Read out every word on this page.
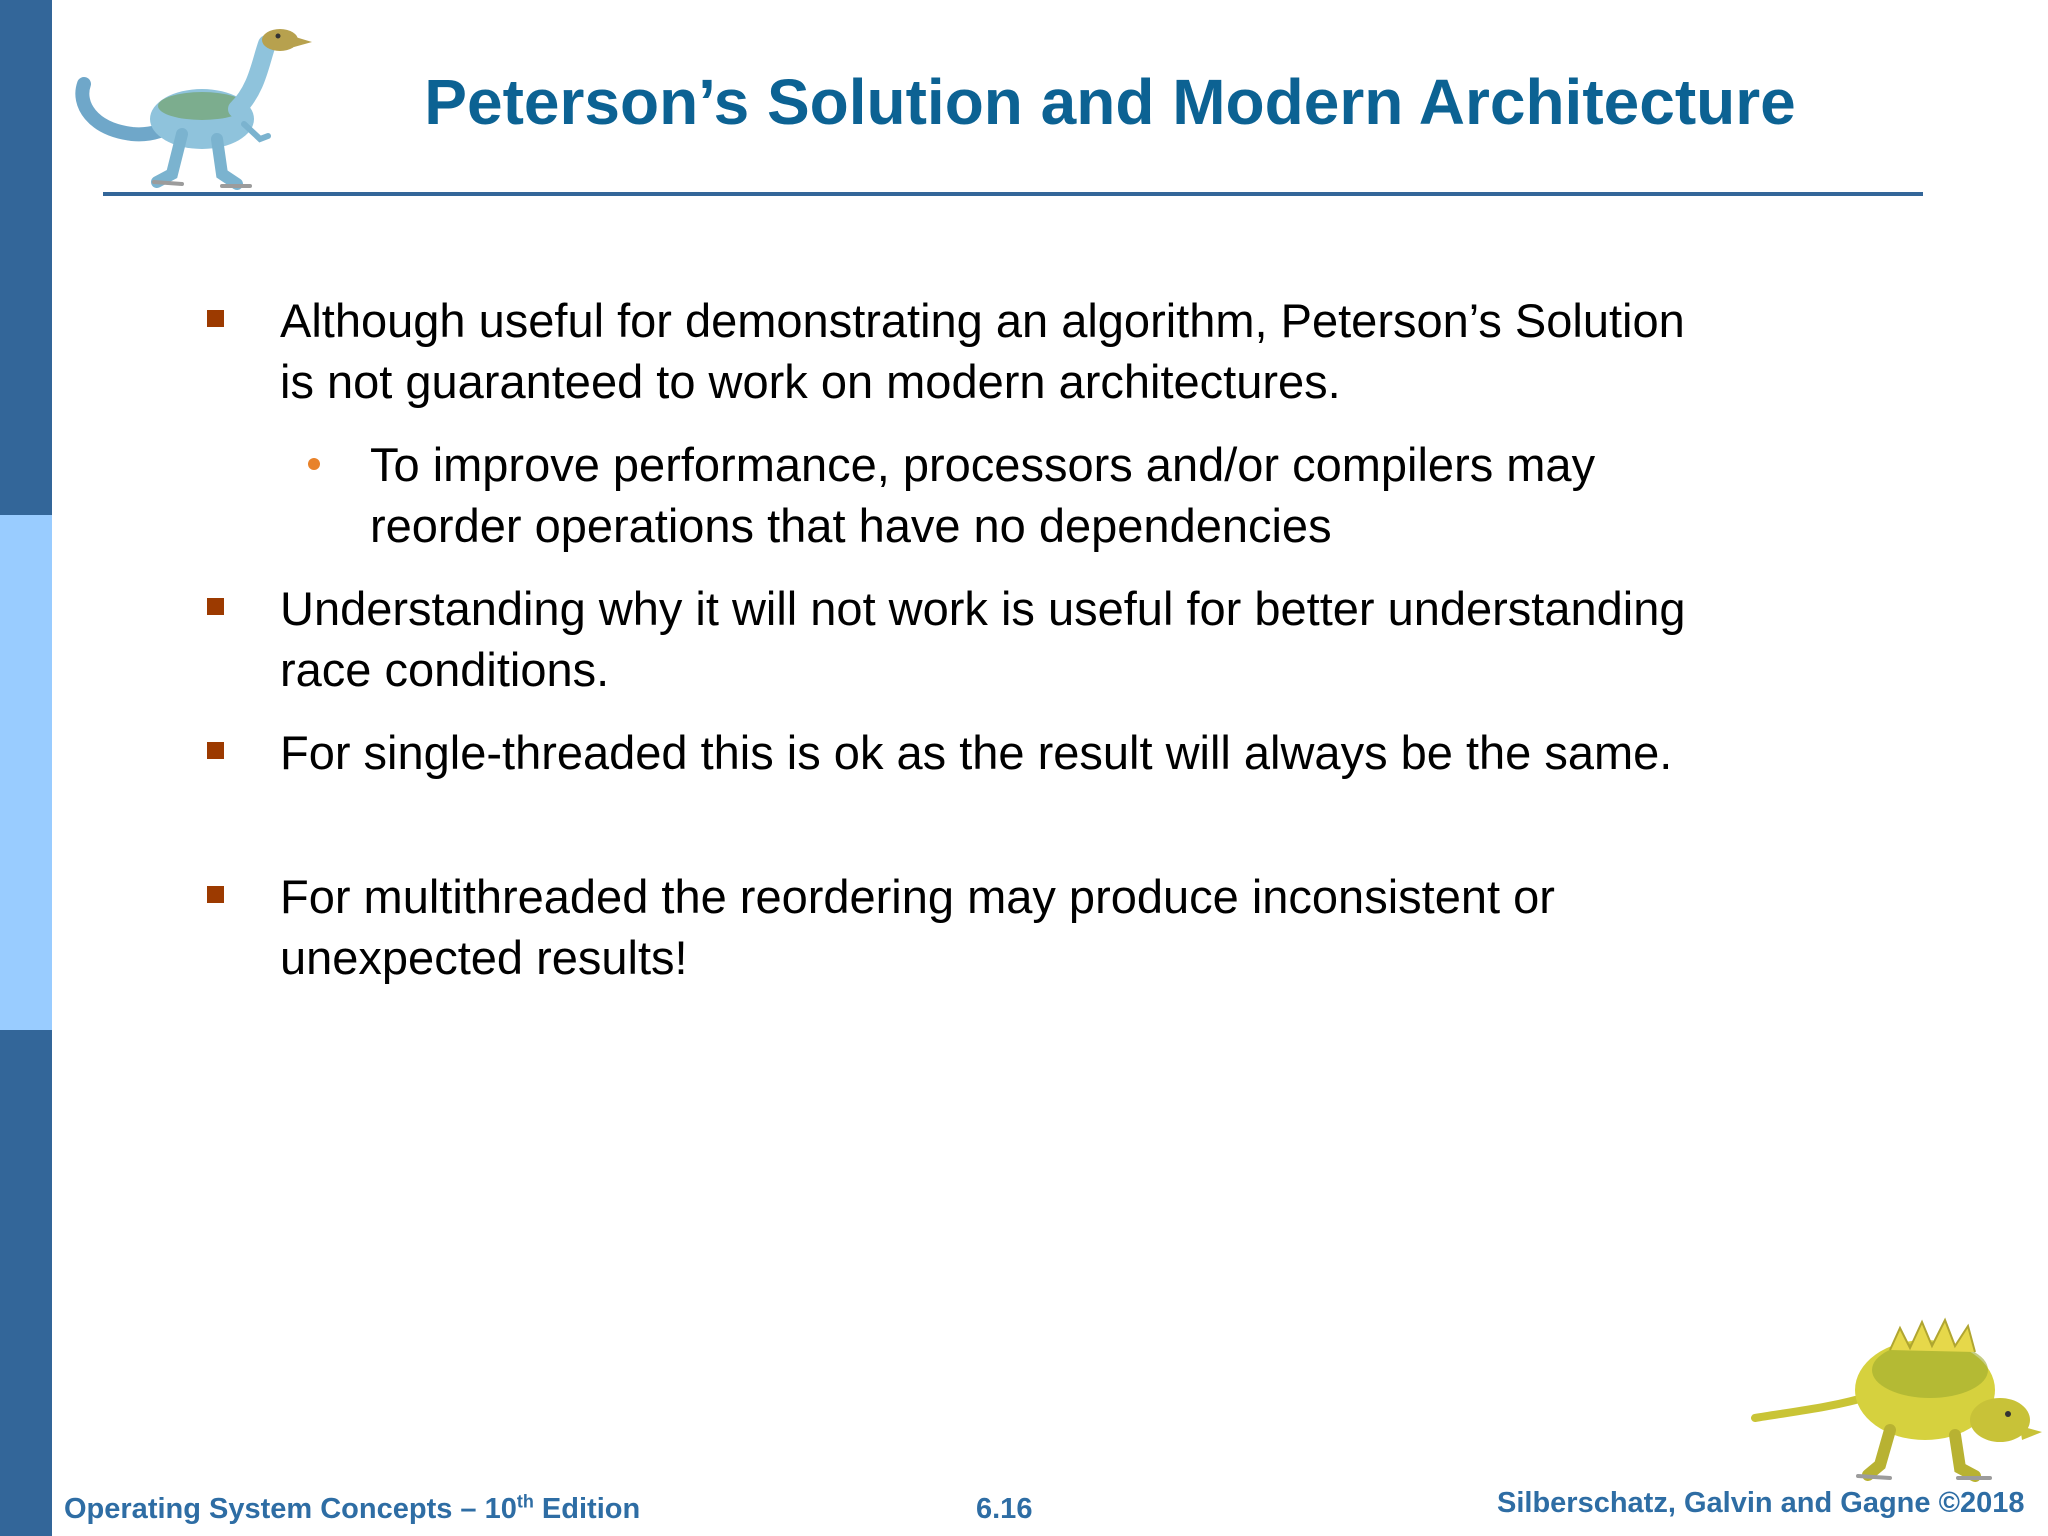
Peterson’s Solution and Modern Architecture
Although useful for demonstrating an algorithm, Peterson’s Solution is not guaranteed to work on modern architectures.
To improve performance, processors and/or compilers may reorder operations that have no dependencies
Understanding why it will not work is useful for better understanding race conditions.
For single-threaded this is ok as the result will always be the same.
For multithreaded the reordering may produce inconsistent or unexpected results!
Operating System Concepts – 10th Edition	6.16	Silberschatz, Galvin and Gagne ©2018
